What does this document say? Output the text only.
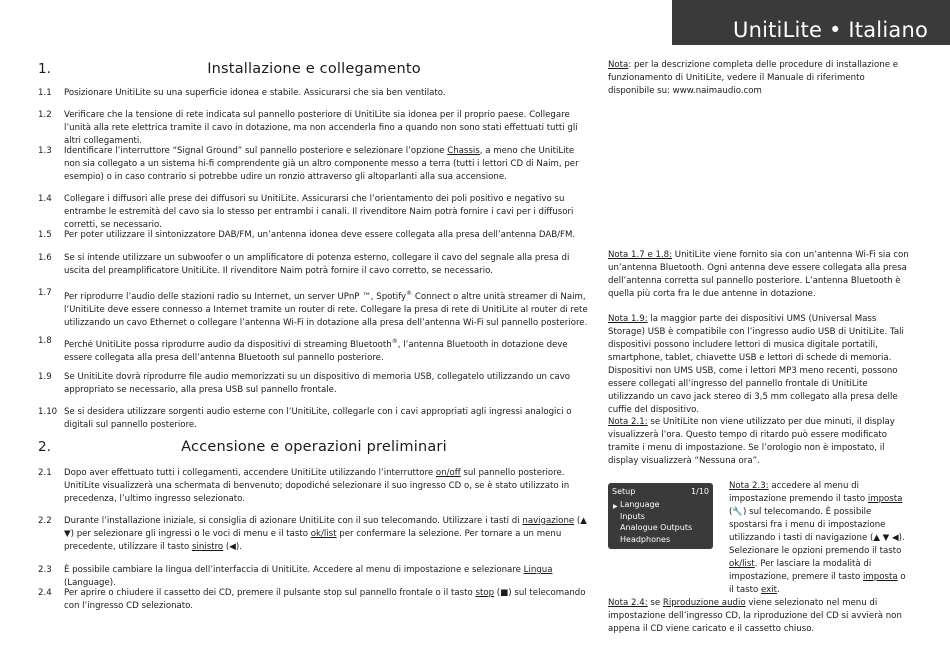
UnitiLite • Italiano
1.	Installazione e collegamento
1.1 Posizionare UnitiLite su una superficie idonea e stabile. Assicurarsi che sia ben ventilato.
1.2 Verificare che la tensione di rete indicata sul pannello posteriore di UnitiLite sia idonea per il proprio paese. Collegare l’unità alla rete elettrica tramite il cavo in dotazione, ma non accenderla fino a quando non sono stati effettuati tutti gli altri collegamenti.
1.3 Identificare l’interruttore “Signal Ground” sul pannello posteriore e selezionare l’opzione Chassis, a meno che UnitiLite non sia collegato a un sistema hi-fi comprendente già un altro componente messo a terra (tutti i lettori CD di Naim, per esempio) o in caso contrario si potrebbe udire un ronzio attraverso gli altoparlanti alla sua accensione.
1.4 Collegare i diffusori alle prese dei diffusori su UnitiLite. Assicurarsi che l’orientamento dei poli positivo e negativo su entrambe le estremità del cavo sia lo stesso per entrambi i canali. Il rivenditore Naim potrà fornire i cavi per i diffusori corretti, se necessario.
1.5 Per poter utilizzare il sintonizzatore DAB/FM, un’antenna idonea deve essere collegata alla presa dell’antenna DAB/FM.
1.6 Se si intende utilizzare un subwoofer o un amplificatore di potenza esterno, collegare il cavo del segnale alla presa di uscita del preamplificatore UnitiLite. Il rivenditore Naim potrà fornire il cavo corretto, se necessario.
1.7 Per riprodurre l’audio delle stazioni radio su Internet, un server UPnP ™, Spotify® Connect o altre unità streamer di Naim, l’UnitiLite deve essere connesso a Internet tramite un router di rete. Collegare la presa di rete di UnitiLite al router di rete utilizzando un cavo Ethernet o collegare l’antenna Wi-Fi in dotazione alla presa dell’antenna Wi-Fi sul pannello posteriore.
1.8 Perché UnitiLite possa riprodurre audio da dispositivi di streaming Bluetooth®, l’antenna Bluetooth in dotazione deve essere collegata alla presa dell’antenna Bluetooth sul pannello posteriore.
1.9 Se UnitiLite dovrà riprodurre file audio memorizzati su un dispositivo di memoria USB, collegatelo utilizzando un cavo appropriato se necessario, alla presa USB sul pannello frontale.
1.10 Se si desidera utilizzare sorgenti audio esterne con l’UnitiLite, collegarle con i cavi appropriati agli ingressi analogici o digitali sul pannello posteriore.
2.	Accensione e operazioni preliminari
2.1 Dopo aver effettuato tutti i collegamenti, accendere UnitiLite utilizzando l’interruttore on/off sul pannello posteriore. UnitiLite visualizzerà una schermata di benvenuto; dopodiché selezionare il suo ingresso CD o, se è stato utilizzato in precedenza, l’ultimo ingresso selezionato.
2.2 Durante l’installazione iniziale, si consiglia di azionare UnitiLite con il suo telecomando. Utilizzare i tasti di navigazione (▲ ▼) per selezionare gli ingressi o le voci di menu e il tasto ok/list per confermare la selezione. Per tornare a un menu precedente, utilizzare il tasto sinistro (◀).
2.3 È possibile cambiare la lingua dell’interfaccia di UnitiLite. Accedere al menu di impostazione e selezionare Lingua (Language).
2.4 Per aprire o chiudere il cassetto dei CD, premere il pulsante stop sul pannello frontale o il tasto stop (■) sul telecomando con l’ingresso CD selezionato.
Nota: per la descrizione completa delle procedure di installazione e funzionamento di UnitiLite, vedere il Manuale di riferimento disponibile su: www.naimaudio.com
Nota 1.7 e 1.8: UnitiLite viene fornito sia con un’antenna Wi-Fi sia con un’antenna Bluetooth. Ogni antenna deve essere collegata alla presa dell’antenna corretta sul pannello posteriore. L’antenna Bluetooth è quella più corta fra le due antenne in dotazione.
Nota 1.9: la maggior parte dei dispositivi UMS (Universal Mass Storage) USB è compatibile con l’ingresso audio USB di UnitiLite. Tali dispositivi possono includere lettori di musica digitale portatili, smartphone, tablet, chiavette USB e lettori di schede di memoria. Dispositivi non UMS USB, come i lettori MP3 meno recenti, possono essere collegati all’ingresso del pannello frontale di UnitiLite utilizzando un cavo jack stereo di 3,5 mm collegato alla presa delle cuffie del dispositivo.
Nota 2.1: se UnitiLite non viene utilizzato per due minuti, il display visualizzerà l’ora. Questo tempo di ritardo può essere modificato tramite i menu di impostazione. Se l’orologio non è impostato, il display visualizzerà “Nessuna ora”.
Setup	1/10
▶ Language
Inputs
Analogue Outputs
Headphones
Nota 2.3: accedere al menu di impostazione premendo il tasto imposta (🔧) sul telecomando. È possibile spostarsi fra i menu di impostazione utilizzando i tasti di navigazione (▲ ▼ ◀). Selezionare le opzioni premendo il tasto ok/list. Per lasciare la modalità di impostazione, premere il tasto imposta o il tasto exit.
Nota 2.4: se Riproduzione audio viene selezionato nel menu di impostazione dell’ingresso CD, la riproduzione del CD si avvierà non appena il CD viene caricato e il cassetto chiuso.
